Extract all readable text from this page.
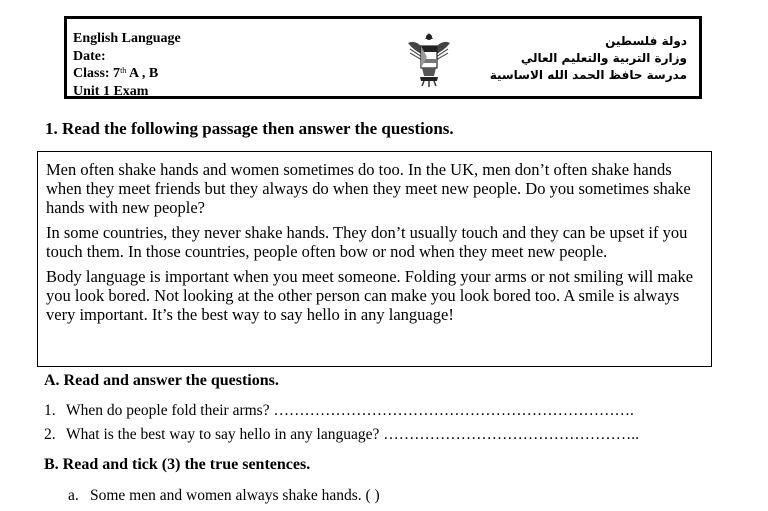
English Language
Date:
Class: 7th A , B
Unit 1 Exam
دولة فلسطين
وزارة التربية والتعليم العالي
مدرسة حافظ الحمد الله الاساسية
1. Read the following passage then answer the questions.

Men often shake hands and women sometimes do too. In the UK, men don’t often shake hands when they meet friends but they always do when they meet new people. Do you sometimes shake hands with new people?

In some countries, they never shake hands. They don’t usually touch and they can be upset if you touch them. In those countries, people often bow or nod when they meet new people.

Body language is important when you meet someone. Folding your arms or not smiling will make you look bored. Not looking at the other person can make you look bored too. A smile is always very important. It’s the best way to say hello in any language!

A. Read and answer the questions.
1. When do people fold their arms? …………………………………………………………….
2. What is the best way to say hello in any language? …………………………………………..
B. Read and tick (3) the true sentences.
a. Some men and women always shake hands. ( )
